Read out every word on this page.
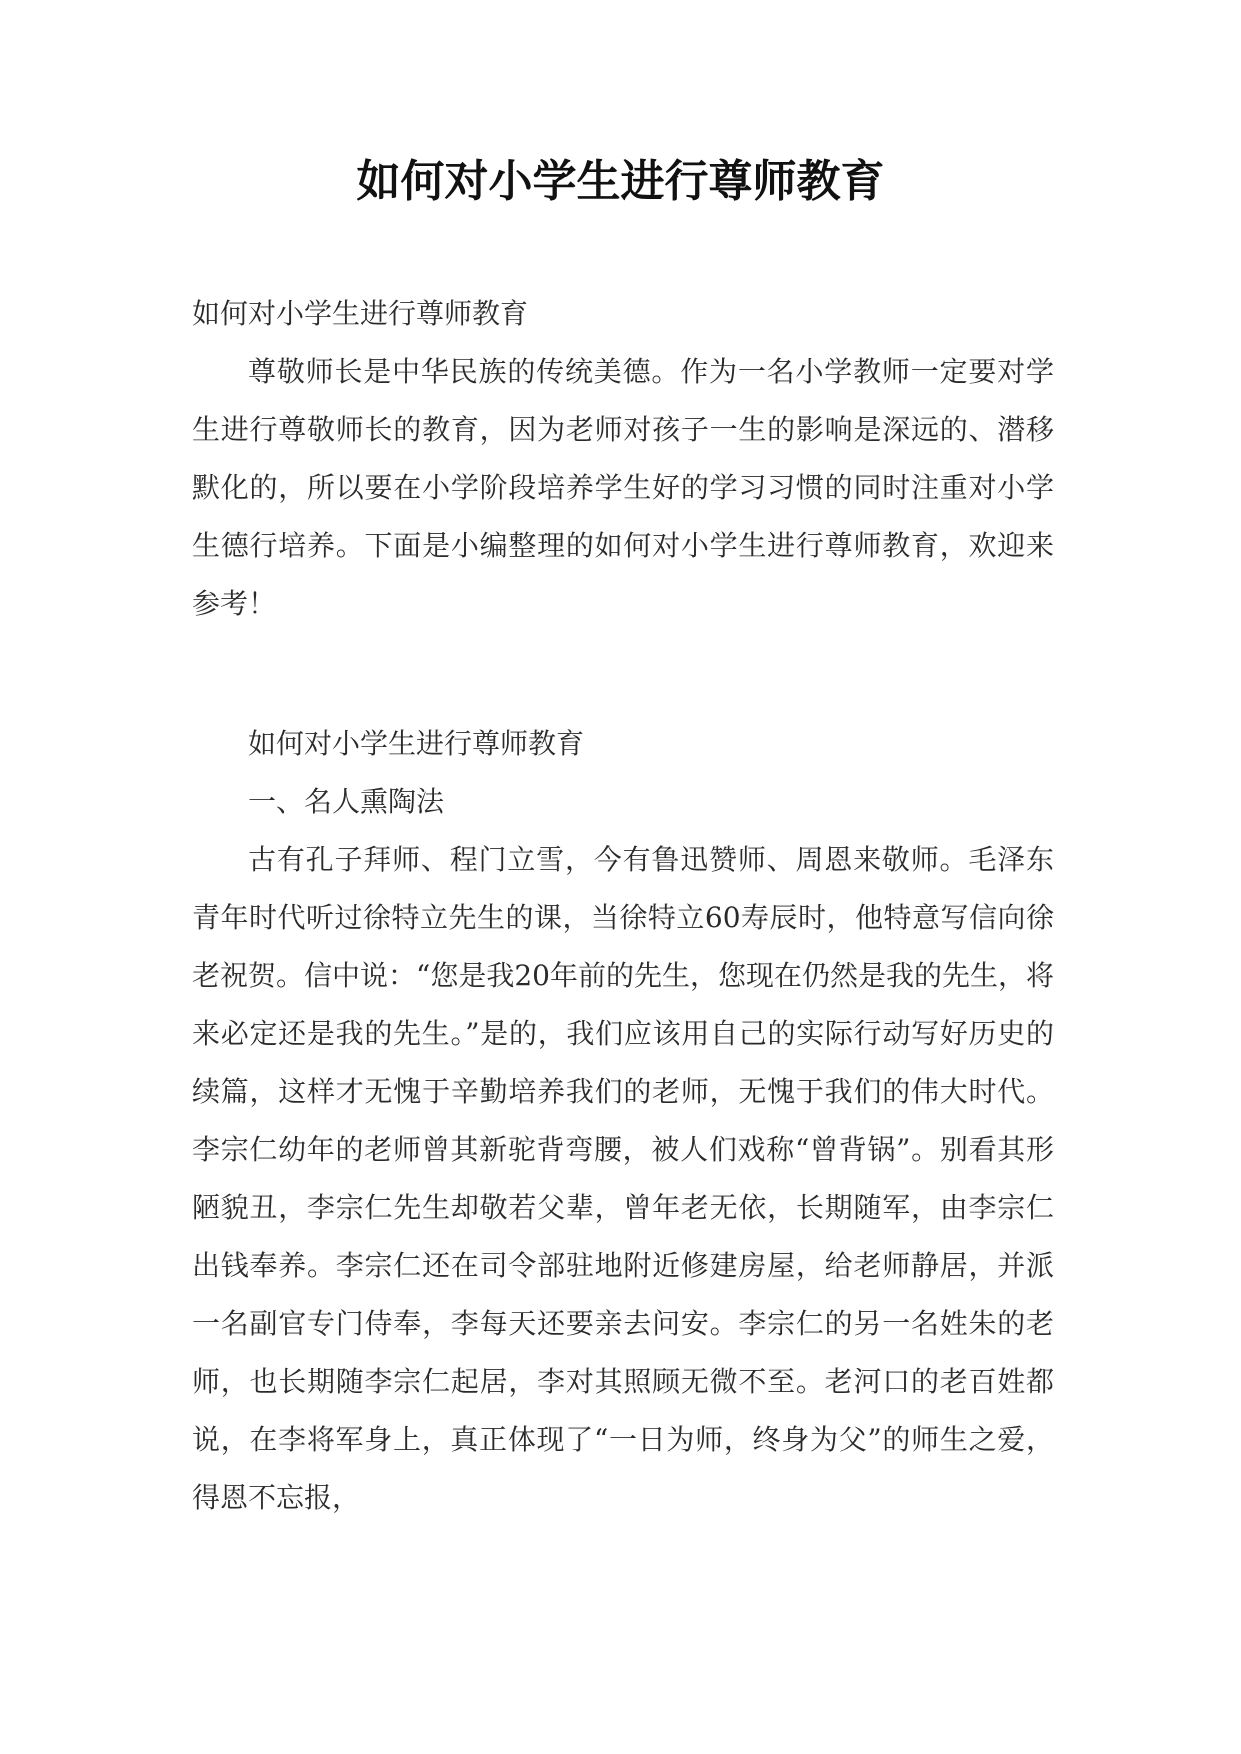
如何对小学生进行尊师教育

如何对小学生进行尊师教育

尊敬师长是中华民族的传统美德。作为一名小学教师一定要对学生进行尊敬师长的教育，因为老师对孩子一生的影响是深远的、潜移默化的，所以要在小学阶段培养学生好的学习习惯的同时注重对小学生德行培养。下面是小编整理的如何对小学生进行尊师教育，欢迎来参考！

如何对小学生进行尊师教育

一、名人熏陶法

古有孔子拜师、程门立雪，今有鲁迅赞师、周恩来敬师。毛泽东青年时代听过徐特立先生的课，当徐特立60寿辰时，他特意写信向徐老祝贺。信中说：“您是我20年前的先生，您现在仍然是我的先生，将来必定还是我的先生。”是的，我们应该用自己的实际行动写好历史的续篇，这样才无愧于辛勤培养我们的老师，无愧于我们的伟大时代。李宗仁幼年的老师曾其新驼背弯腰，被人们戏称“曾背锅”。别看其形陋貌丑，李宗仁先生却敬若父辈，曾年老无依，长期随军，由李宗仁出钱奉养。李宗仁还在司令部驻地附近修建房屋，给老师静居，并派一名副官专门侍奉，李每天还要亲去问安。李宗仁的另一名姓朱的老师，也长期随李宗仁起居，李对其照顾无微不至。老河口的老百姓都说，在李将军身上，真正体现了“一日为师，终身为父”的师生之爱，得恩不忘报，
